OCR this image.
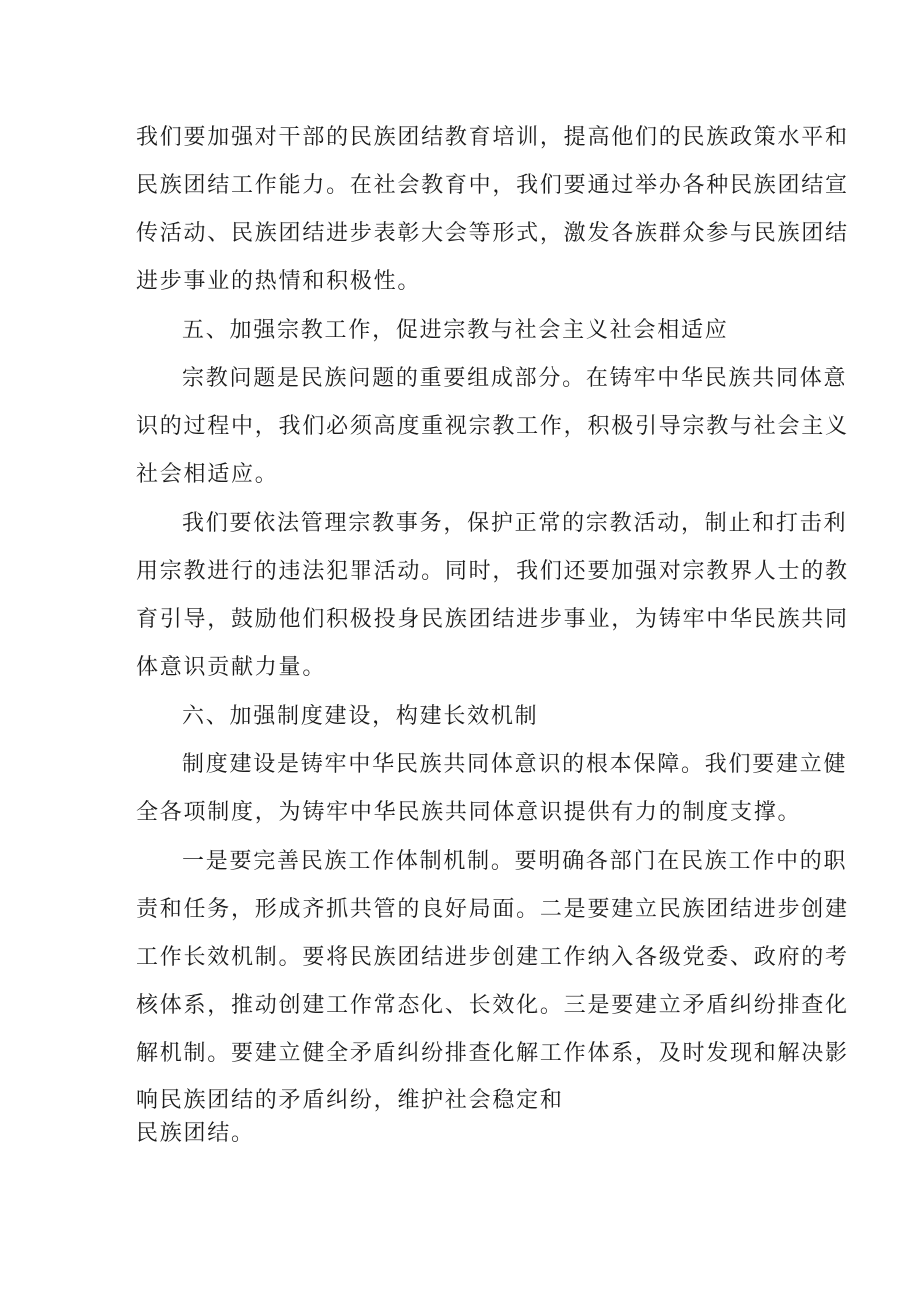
我们要加强对干部的民族团结教育培训，提高他们的民族政策水平和
民族团结工作能力。在社会教育中，我们要通过举办各种民族团结宣
传活动、民族团结进步表彰大会等形式，激发各族群众参与民族团结
进步事业的热情和积极性。
五、加强宗教工作，促进宗教与社会主义社会相适应
宗教问题是民族问题的重要组成部分。在铸牢中华民族共同体意
识的过程中，我们必须高度重视宗教工作，积极引导宗教与社会主义
社会相适应。
我们要依法管理宗教事务，保护正常的宗教活动，制止和打击利
用宗教进行的违法犯罪活动。同时，我们还要加强对宗教界人士的教
育引导，鼓励他们积极投身民族团结进步事业，为铸牢中华民族共同
体意识贡献力量。
六、加强制度建设，构建长效机制
制度建设是铸牢中华民族共同体意识的根本保障。我们要建立健
全各项制度，为铸牢中华民族共同体意识提供有力的制度支撑。
一是要完善民族工作体制机制。要明确各部门在民族工作中的职
责和任务，形成齐抓共管的良好局面。二是要建立民族团结进步创建
工作长效机制。要将民族团结进步创建工作纳入各级党委、政府的考
核体系，推动创建工作常态化、长效化。三是要建立矛盾纠纷排查化
解机制。要建立健全矛盾纠纷排查化解工作体系，及时发现和解决影
响民族团结的矛盾纠纷，维护社会稳定和
民族团结。
